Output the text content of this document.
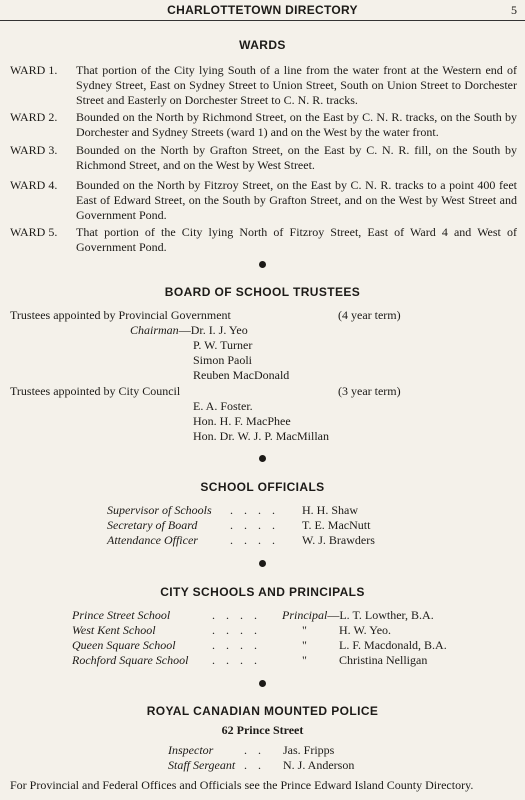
CHARLOTTETOWN DIRECTORY	5
WARDS
WARD 1. That portion of the City lying South of a line from the water front at the Western end of Sydney Street, East on Sydney Street to Union Street, South on Union Street to Dorchester Street and Easterly on Dorchester Street to C. N. R. tracks.
WARD 2. Bounded on the North by Richmond Street, on the East by C. N. R. tracks, on the South by Dorchester and Sydney Streets (ward 1) and on the West by the water front.
WARD 3. Bounded on the North by Grafton Street, on the East by C. N. R. fill, on the South by Richmond Street, and on the West by West Street.
WARD 4. Bounded on the North by Fitzroy Street, on the East by C. N. R. tracks to a point 400 feet East of Edward Street, on the South by Grafton Street, and on the West by West Street and Government Pond.
WARD 5. That portion of the City lying North of Fitzroy Street, East of Ward 4 and West of Government Pond.
BOARD OF SCHOOL TRUSTEES
Trustees appointed by Provincial Government	(4 year term)
Chairman—Dr. I. J. Yeo
P. W. Turner
Simon Paoli
Reuben MacDonald
Trustees appointed by City Council	(3 year term)
E. A. Foster.
Hon. H. F. MacPhee
Hon. Dr. W. J. P. MacMillan
SCHOOL OFFICIALS
Supervisor of Schools . . . . H. H. Shaw
Secretary of Board	. . . . T. E. MacNutt
Attendance Officer	. . . . W. J. Brawders
CITY SCHOOLS AND PRINCIPALS
Prince Street School	. . . . Principal—L. T. Lowther, B.A.
West Kent School	. . . .	"	H. W. Yeo.
Queen Square School	. . . .	"	L. F. Macdonald, B.A.
Rochford Square School . . . .	"	Christina Nelligan
ROYAL CANADIAN MOUNTED POLICE
62 Prince Street
Inspector	. . Jas. Fripps
Staff Sergeant . . N. J. Anderson
For Provincial and Federal Offices and Officials see the Prince Edward Island County Directory.
